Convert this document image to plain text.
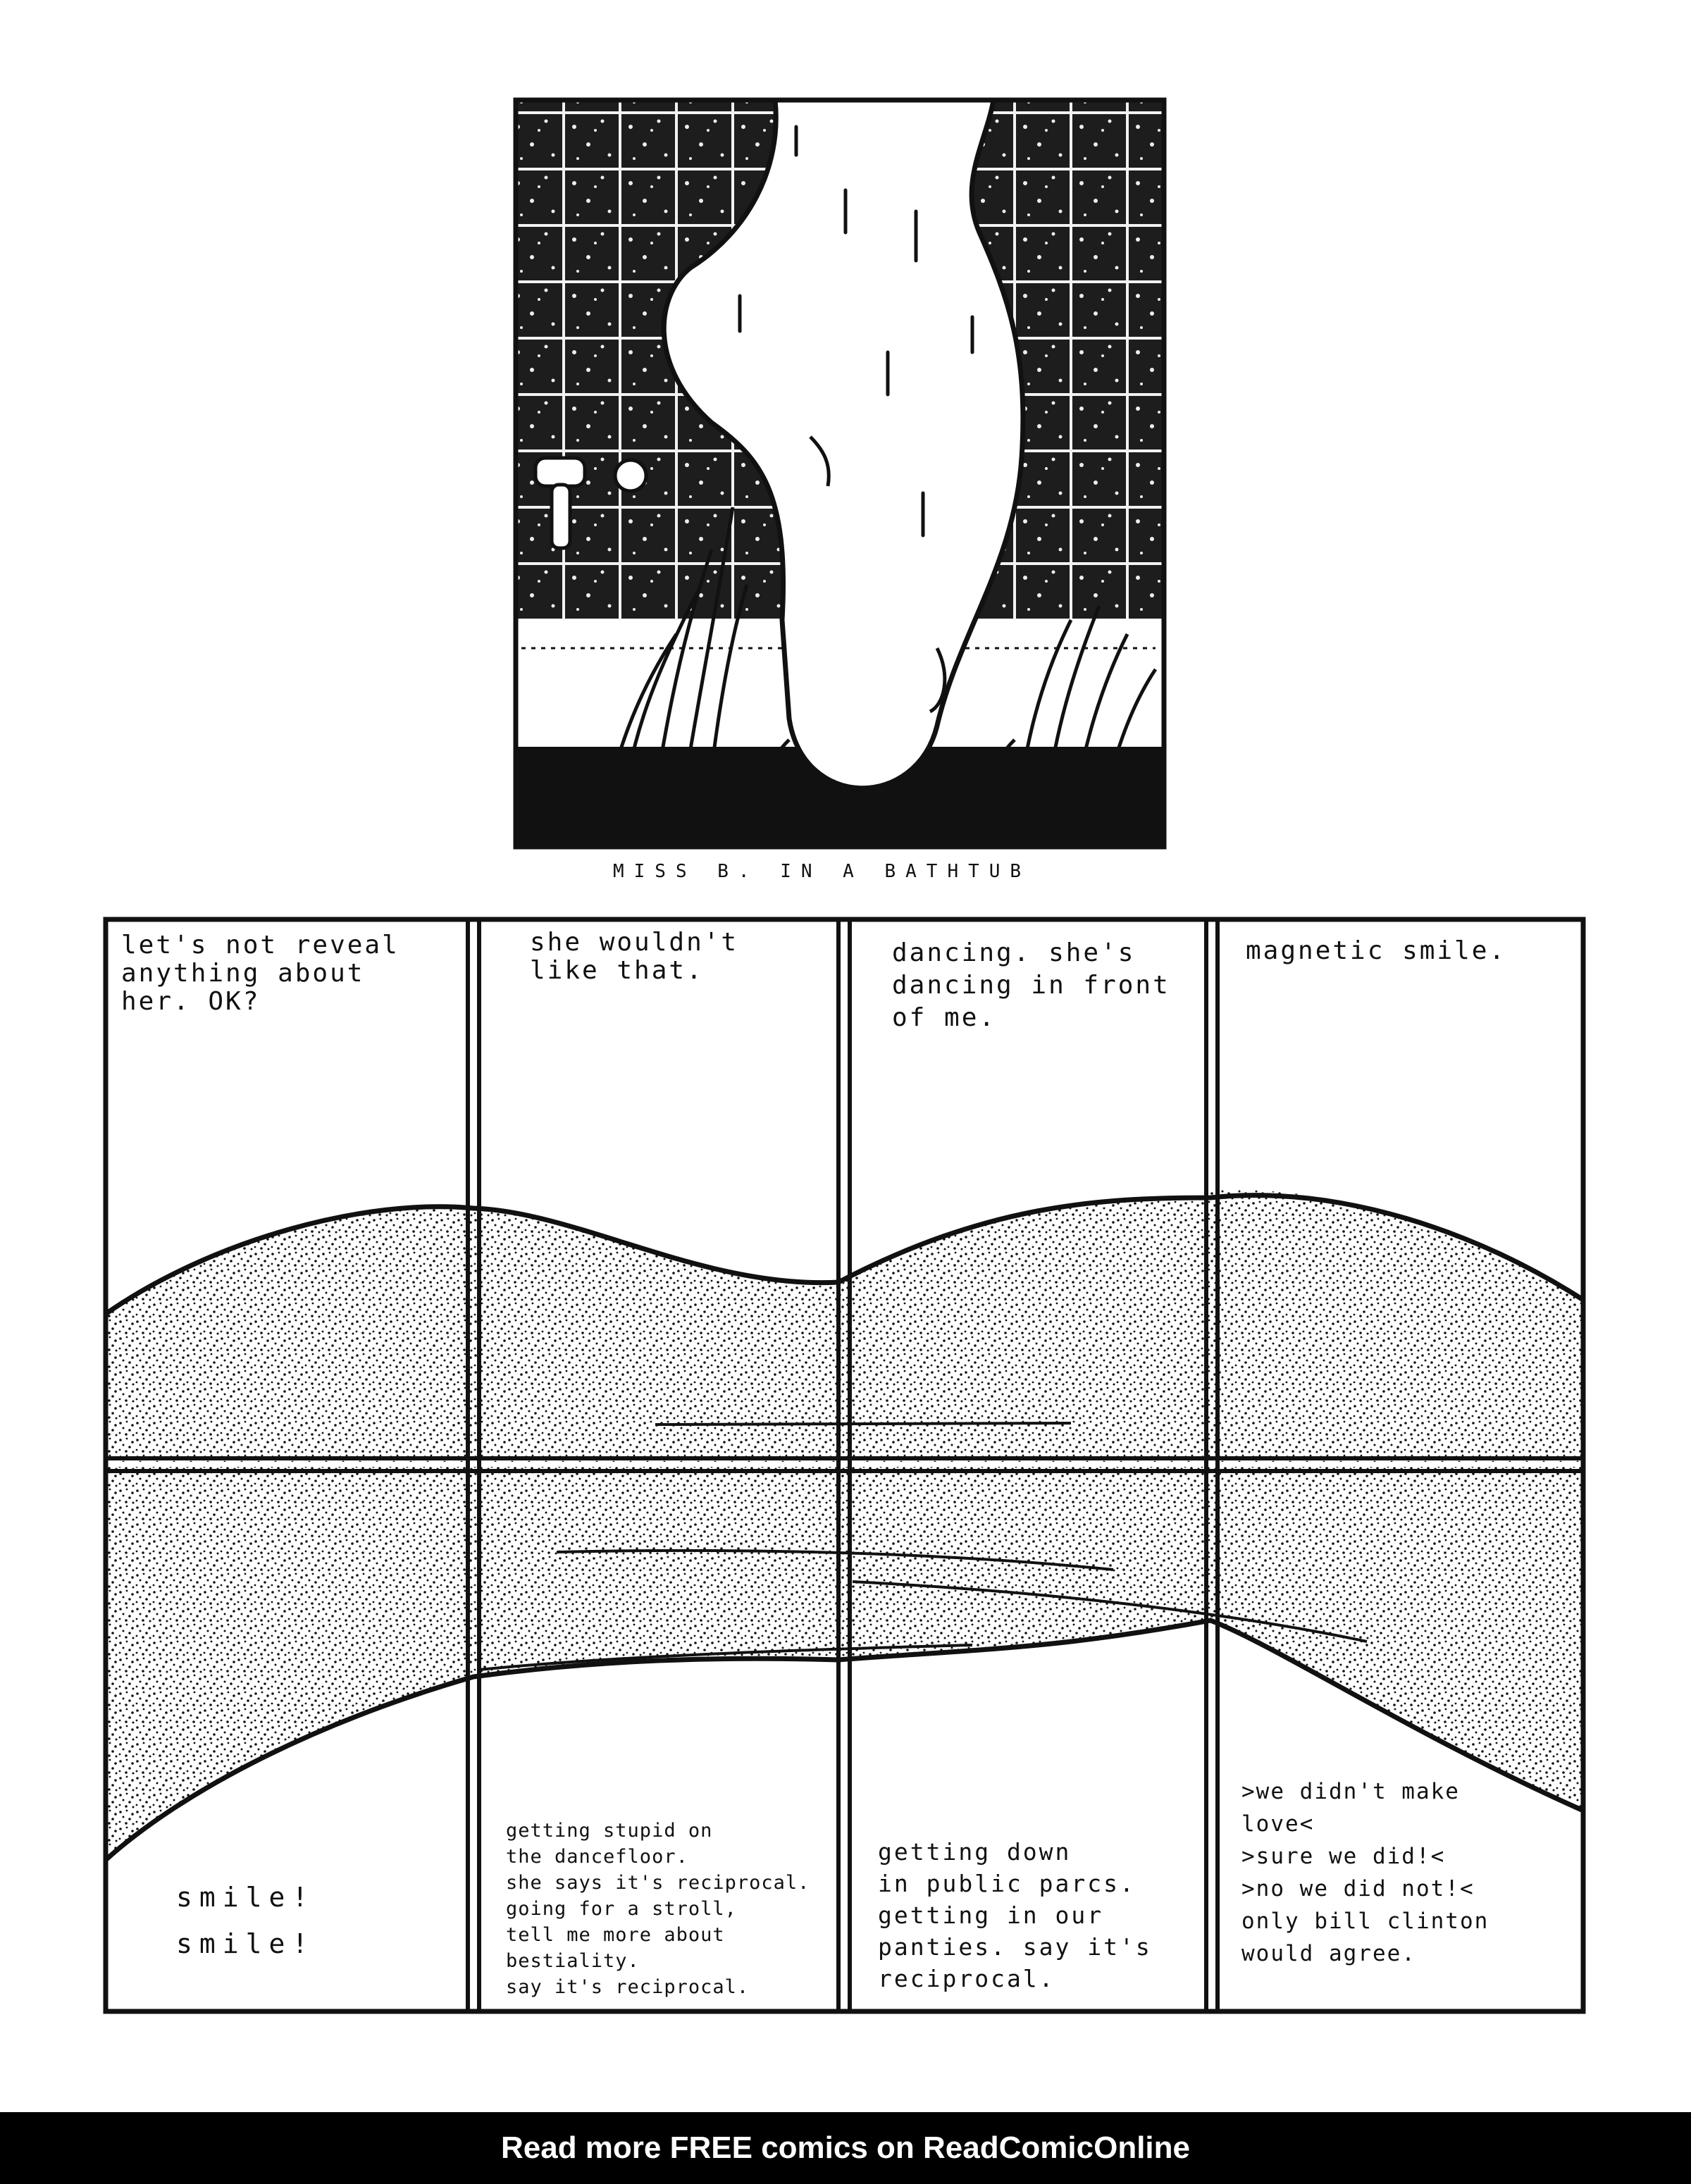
MISS B. IN A BATHTUB
let's not reveal
anything about
her. OK?
she wouldn't
like that.
dancing. she's
dancing in front
of me.
magnetic smile.
smile!
smile!
getting stupid on
the dancefloor.
she says it's reciprocal.
going for a stroll,
tell me more about
bestiality.
say it's reciprocal.
getting down
in public parcs.
getting in our
panties. say it's
reciprocal.
>we didn't make
love<
>sure we did!<
>no we did not!<
only bill clinton
would agree.
Read more FREE comics on ReadComicOnline
